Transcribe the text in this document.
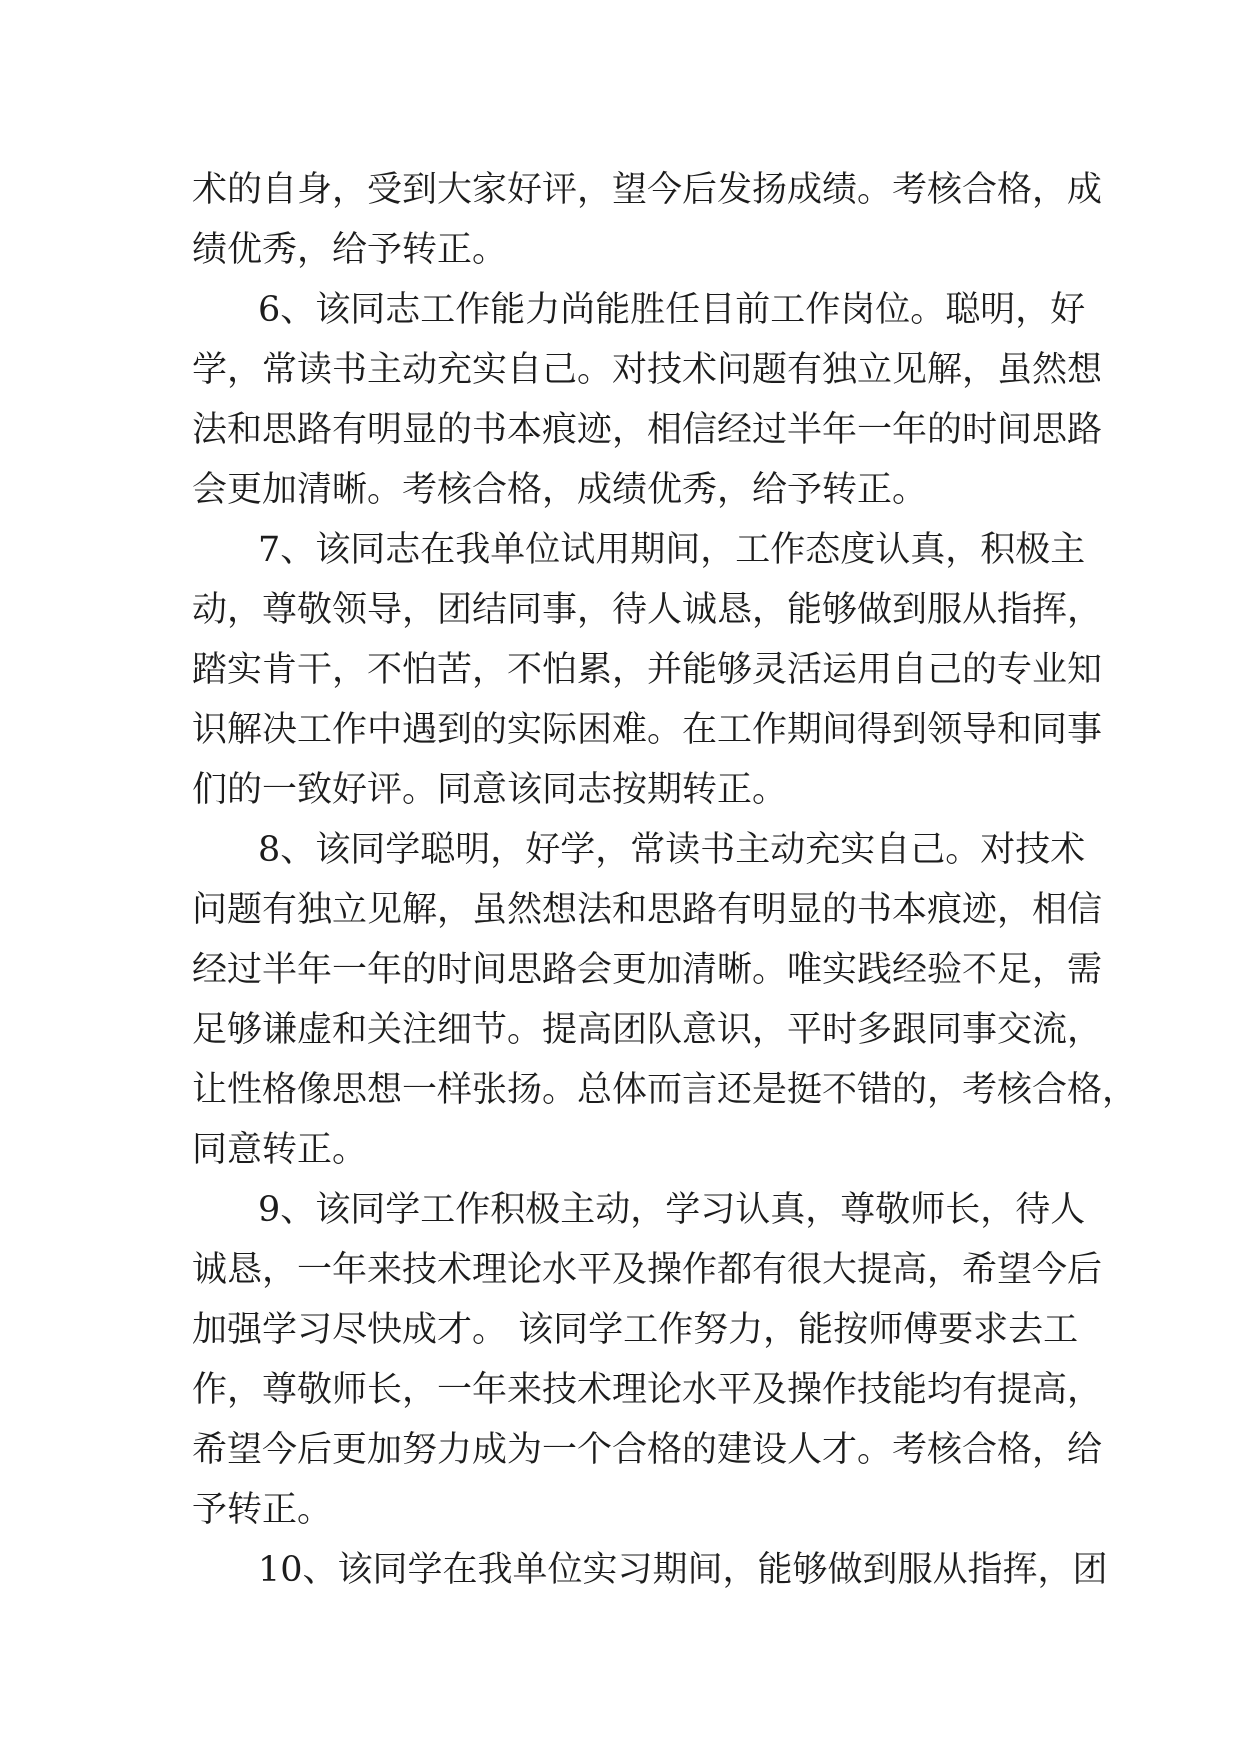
术的自身，受到大家好评，望今后发扬成绩。考核合格，成
绩优秀，给予转正。
6、该同志工作能力尚能胜任目前工作岗位。聪明，好
学，常读书主动充实自己。对技术问题有独立见解，虽然想
法和思路有明显的书本痕迹，相信经过半年一年的时间思路
会更加清晰。考核合格，成绩优秀，给予转正。
7、该同志在我单位试用期间，工作态度认真，积极主
动，尊敬领导，团结同事，待人诚恳，能够做到服从指挥，
踏实肯干，不怕苦，不怕累，并能够灵活运用自己的专业知
识解决工作中遇到的实际困难。在工作期间得到领导和同事
们的一致好评。同意该同志按期转正。
8、该同学聪明，好学，常读书主动充实自己。对技术
问题有独立见解，虽然想法和思路有明显的书本痕迹，相信
经过半年一年的时间思路会更加清晰。唯实践经验不足，需
足够谦虚和关注细节。提高团队意识，平时多跟同事交流，
让性格像思想一样张扬。总体而言还是挺不错的，考核合格，
同意转正。
9、该同学工作积极主动，学习认真，尊敬师长，待人
诚恳，一年来技术理论水平及操作都有很大提高，希望今后
加强学习尽快成才。 该同学工作努力，能按师傅要求去工
作，尊敬师长，一年来技术理论水平及操作技能均有提高，
希望今后更加努力成为一个合格的建设人才。考核合格，给
予转正。
10、该同学在我单位实习期间，能够做到服从指挥，团
